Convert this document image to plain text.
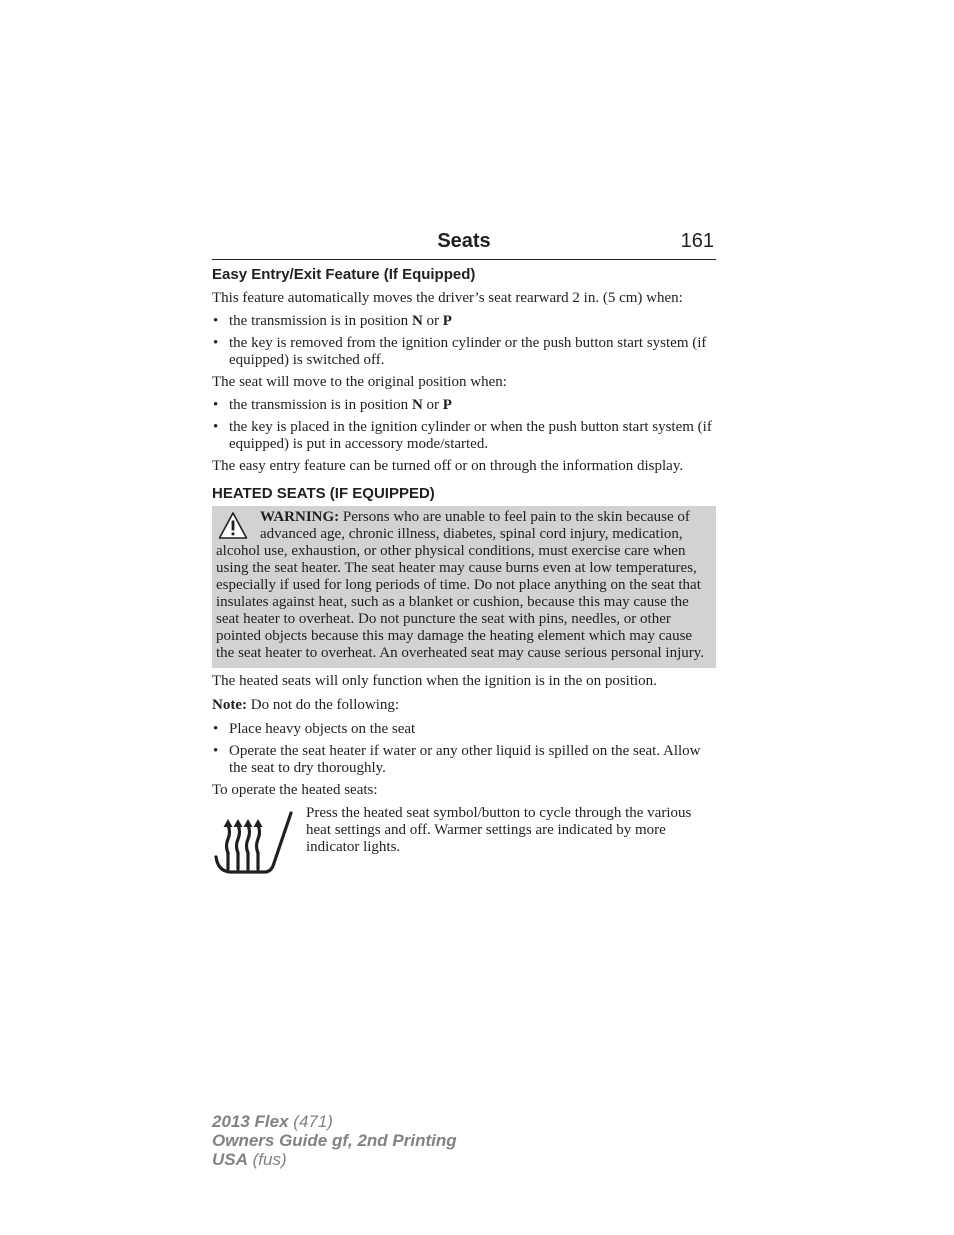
Seats	161
Easy Entry/Exit Feature (If Equipped)

This feature automatically moves the driver’s seat rearward 2 in. (5 cm) when:

• the transmission is in position N or P
• the key is removed from the ignition cylinder or the push button start system (if equipped) is switched off.

The seat will move to the original position when:

• the transmission is in position N or P
• the key is placed in the ignition cylinder or when the push button start system (if equipped) is put in accessory mode/started.

The easy entry feature can be turned off or on through the information display.

HEATED SEATS (IF EQUIPPED)
WARNING: Persons who are unable to feel pain to the skin because of advanced age, chronic illness, diabetes, spinal cord injury, medication, alcohol use, exhaustion, or other physical conditions, must exercise care when using the seat heater. The seat heater may cause burns even at low temperatures, especially if used for long periods of time. Do not place anything on the seat that insulates against heat, such as a blanket or cushion, because this may cause the seat heater to overheat. Do not puncture the seat with pins, needles, or other pointed objects because this may damage the heating element which may cause the seat heater to overheat. An overheated seat may cause serious personal injury.

The heated seats will only function when the ignition is in the on position.

Note: Do not do the following:

• Place heavy objects on the seat
• Operate the seat heater if water or any other liquid is spilled on the seat. Allow the seat to dry thoroughly.

To operate the heated seats:

Press the heated seat symbol/button to cycle through the various heat settings and off. Warmer settings are indicated by more indicator lights.
2013 Flex (471)
Owners Guide gf, 2nd Printing
USA (fus)
